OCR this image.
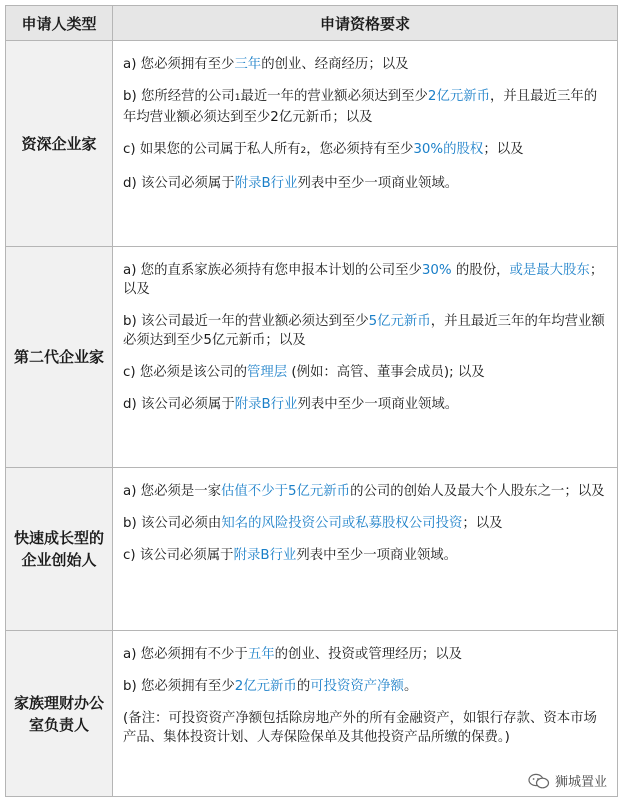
申请人类型	申请资格要求
资深企业家	a) 您必须拥有至少三年的创业、经商经历；以及

b) 您所经营的公司1最近一年的营业额必须达到至少2亿元新币，并且最近三年的年均营业额必须达到至少2亿元新币；以及

c) 如果您的公司属于私人所有2，您必须持有至少30%的股权；以及

d) 该公司必须属于附录B行业列表中至少一项商业领域。

第二代企业家	a) 您的直系家族必须持有您申报本计划的公司至少30% 的股份，或是最大股东；以及

b) 该公司最近一年的营业额必须达到至少5亿元新币，并且最近三年的年均营业额必须达到至少5亿元新币；以及

c) 您必须是该公司的管理层 (例如：高管、董事会成员); 以及

d) 该公司必须属于附录B行业列表中至少一项商业领域。

快速成长型的企业创始人	a) 您必须是一家估值不少于5亿元新币的公司的创始人及最大个人股东之一；以及

b) 该公司必须由知名的风险投资公司或私募股权公司投资；以及

c) 该公司必须属于附录B行业列表中至少一项商业领域。

家族理财办公室负责人	a) 您必须拥有不少于五年的创业、投资或管理经历；以及

b) 您必须拥有至少2亿元新币的可投资资产净额。

(备注：可投资资产净额包括除房地产外的所有金融资产，如银行存款、资本市场产品、集体投资计划、人寿保险保单及其他投资产品所缴的保费。)

狮城置业
